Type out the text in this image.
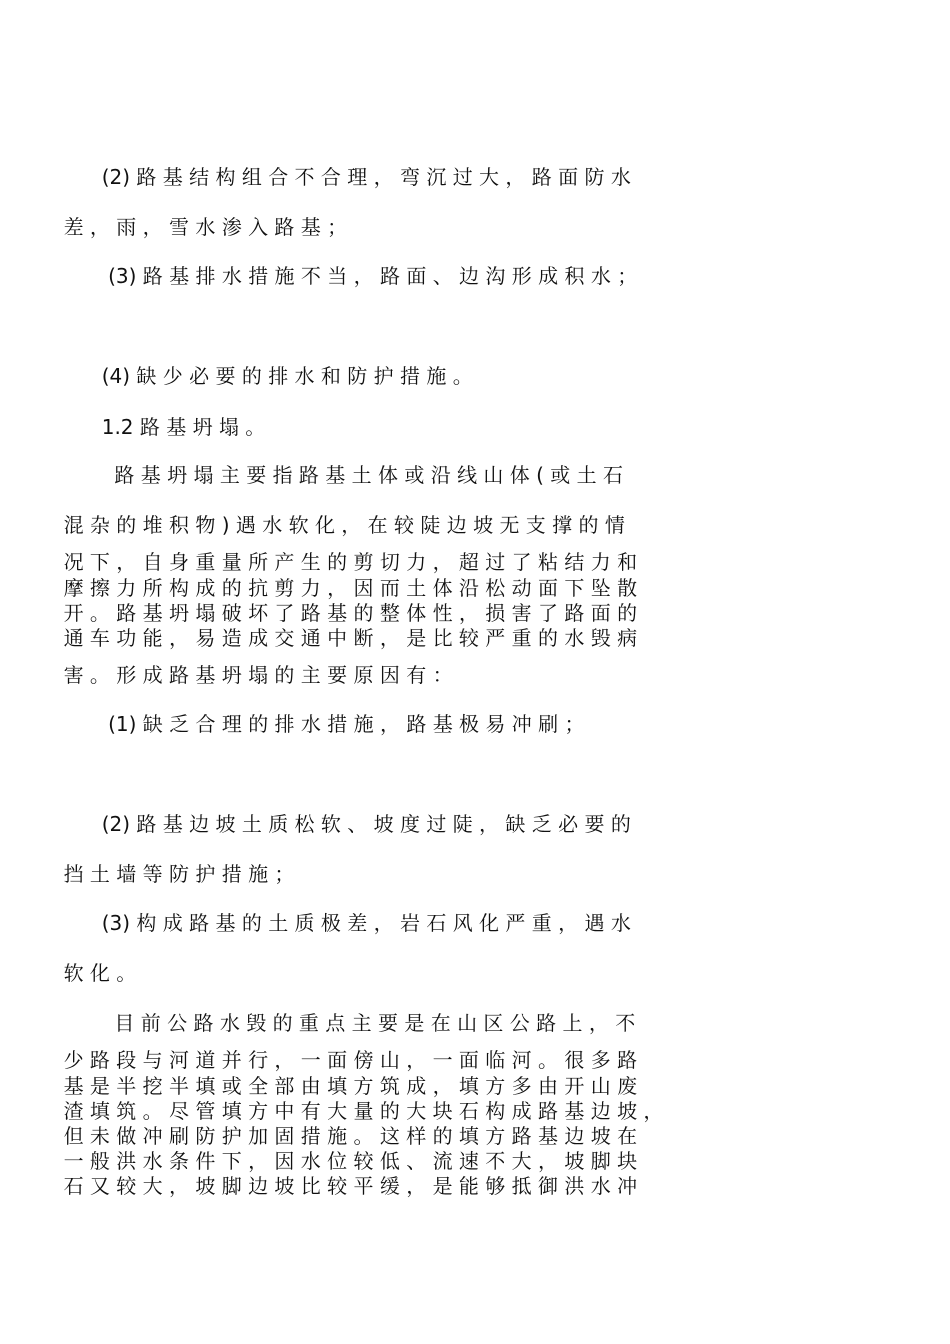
(2) 路 基 结 构 组 合 不 合 理 ， 弯 沉 过 大 ， 路 面 防 水

差 ， 雨 ， 雪 水 渗 入 路 基 ；

(3) 路 基 排 水 措 施 不 当 ， 路 面 、 边 沟 形 成 积 水 ；

(4) 缺 少 必 要 的 排 水 和 防 护 措 施 。

1.2 路 基 坍 塌 。

路 基 坍 塌 主 要 指 路 基 土 体 或 沿 线 山 体 ( 或 土 石

混 杂 的 堆 积 物 ) 遇 水 软 化 ， 在 较 陡 边 坡 无 支 撑 的 情

况 下 ， 自 身 重 量 所 产 生 的 剪 切 力 ， 超 过 了 粘 结 力 和

摩 擦 力 所 构 成 的 抗 剪 力 ， 因 而 土 体 沿 松 动 面 下 坠 散

开 。 路 基 坍 塌 破 坏 了 路 基 的 整 体 性 ， 损 害 了 路 面 的

通 车 功 能 ， 易 造 成 交 通 中 断 ， 是 比 较 严 重 的 水 毁 病

害 。 形 成 路 基 坍 塌 的 主 要 原 因 有 ：

(1) 缺 乏 合 理 的 排 水 措 施 ， 路 基 极 易 冲 刷 ；

(2) 路 基 边 坡 土 质 松 软 、 坡 度 过 陡 ， 缺 乏 必 要 的

挡 土 墙 等 防 护 措 施 ；

(3) 构 成 路 基 的 土 质 极 差 ， 岩 石 风 化 严 重 ， 遇 水

软 化 。

目 前 公 路 水 毁 的 重 点 主 要 是 在 山 区 公 路 上 ， 不

少 路 段 与 河 道 并 行 ， 一 面 傍 山 ， 一 面 临 河 。 很 多 路

基 是 半 挖 半 填 或 全 部 由 填 方 筑 成 ， 填 方 多 由 开 山 废

渣 填 筑 。 尽 管 填 方 中 有 大 量 的 大 块 石 构 成 路 基 边 坡 ，

但 未 做 冲 刷 防 护 加 固 措 施 。 这 样 的 填 方 路 基 边 坡 在

一 般 洪 水 条 件 下 ， 因 水 位 较 低 、 流 速 不 大 ， 坡 脚 块

石 又 较 大 ， 坡 脚 边 坡 比 较 平 缓 ， 是 能 够 抵 御 洪 水 冲
